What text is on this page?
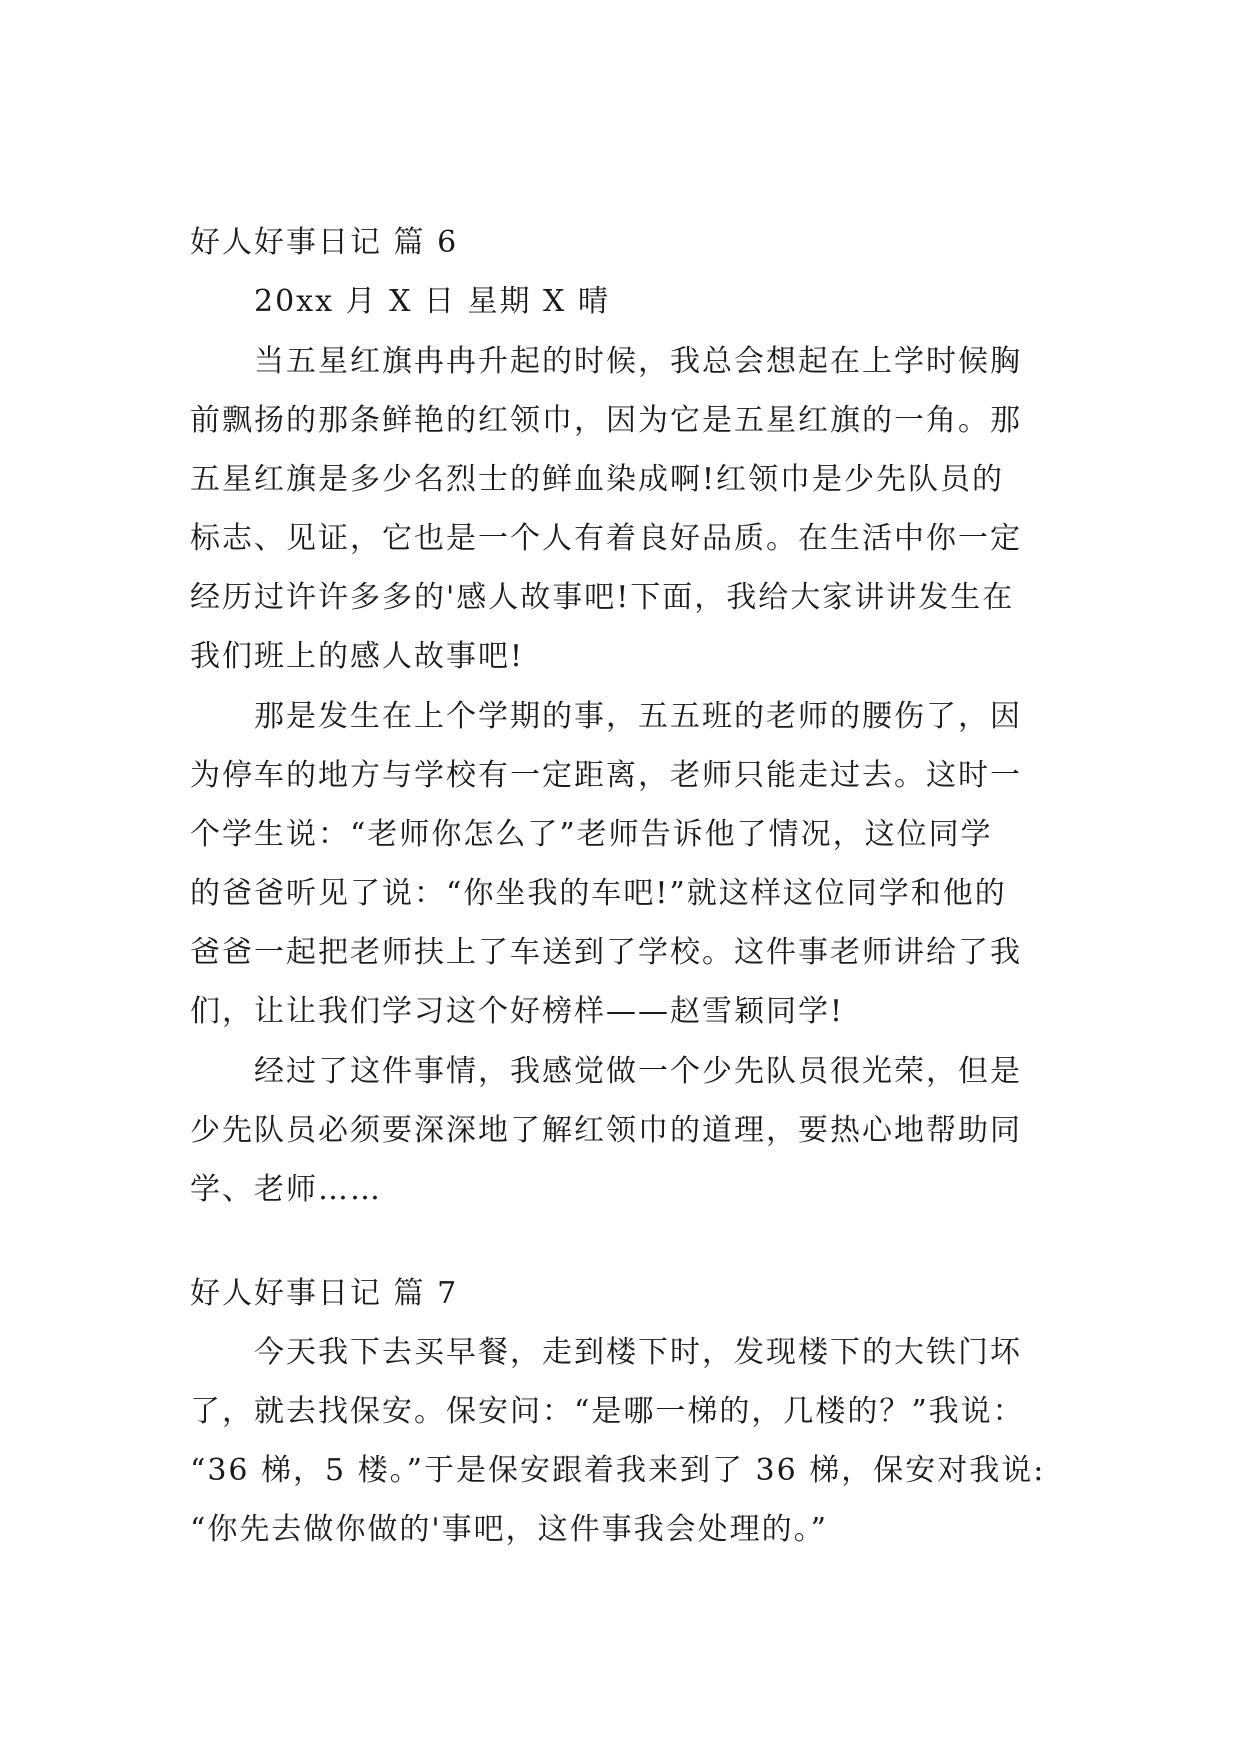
好人好事日记 篇 6
20xx 月 X 日 星期 X 晴
当五星红旗冉冉升起的时候，我总会想起在上学时候胸
前飘扬的那条鲜艳的红领巾，因为它是五星红旗的一角。那
五星红旗是多少名烈士的鲜血染成啊!红领巾是少先队员的
标志、见证，它也是一个人有着良好品质。在生活中你一定
经历过许许多多的'感人故事吧!下面，我给大家讲讲发生在
我们班上的感人故事吧!
那是发生在上个学期的事，五五班的老师的腰伤了，因
为停车的地方与学校有一定距离，老师只能走过去。这时一
个学生说：“老师你怎么了”老师告诉他了情况，这位同学
的爸爸听见了说：“你坐我的车吧!”就这样这位同学和他的
爸爸一起把老师扶上了车送到了学校。这件事老师讲给了我
们，让让我们学习这个好榜样——赵雪颖同学!
经过了这件事情，我感觉做一个少先队员很光荣，但是
少先队员必须要深深地了解红领巾的道理，要热心地帮助同
学、老师……
好人好事日记 篇 7
今天我下去买早餐，走到楼下时，发现楼下的大铁门坏
了，就去找保安。保安问：“是哪一梯的，几楼的？”我说：
“36 梯，5 楼。”于是保安跟着我来到了 36 梯，保安对我说:
“你先去做你做的'事吧，这件事我会处理的。”
